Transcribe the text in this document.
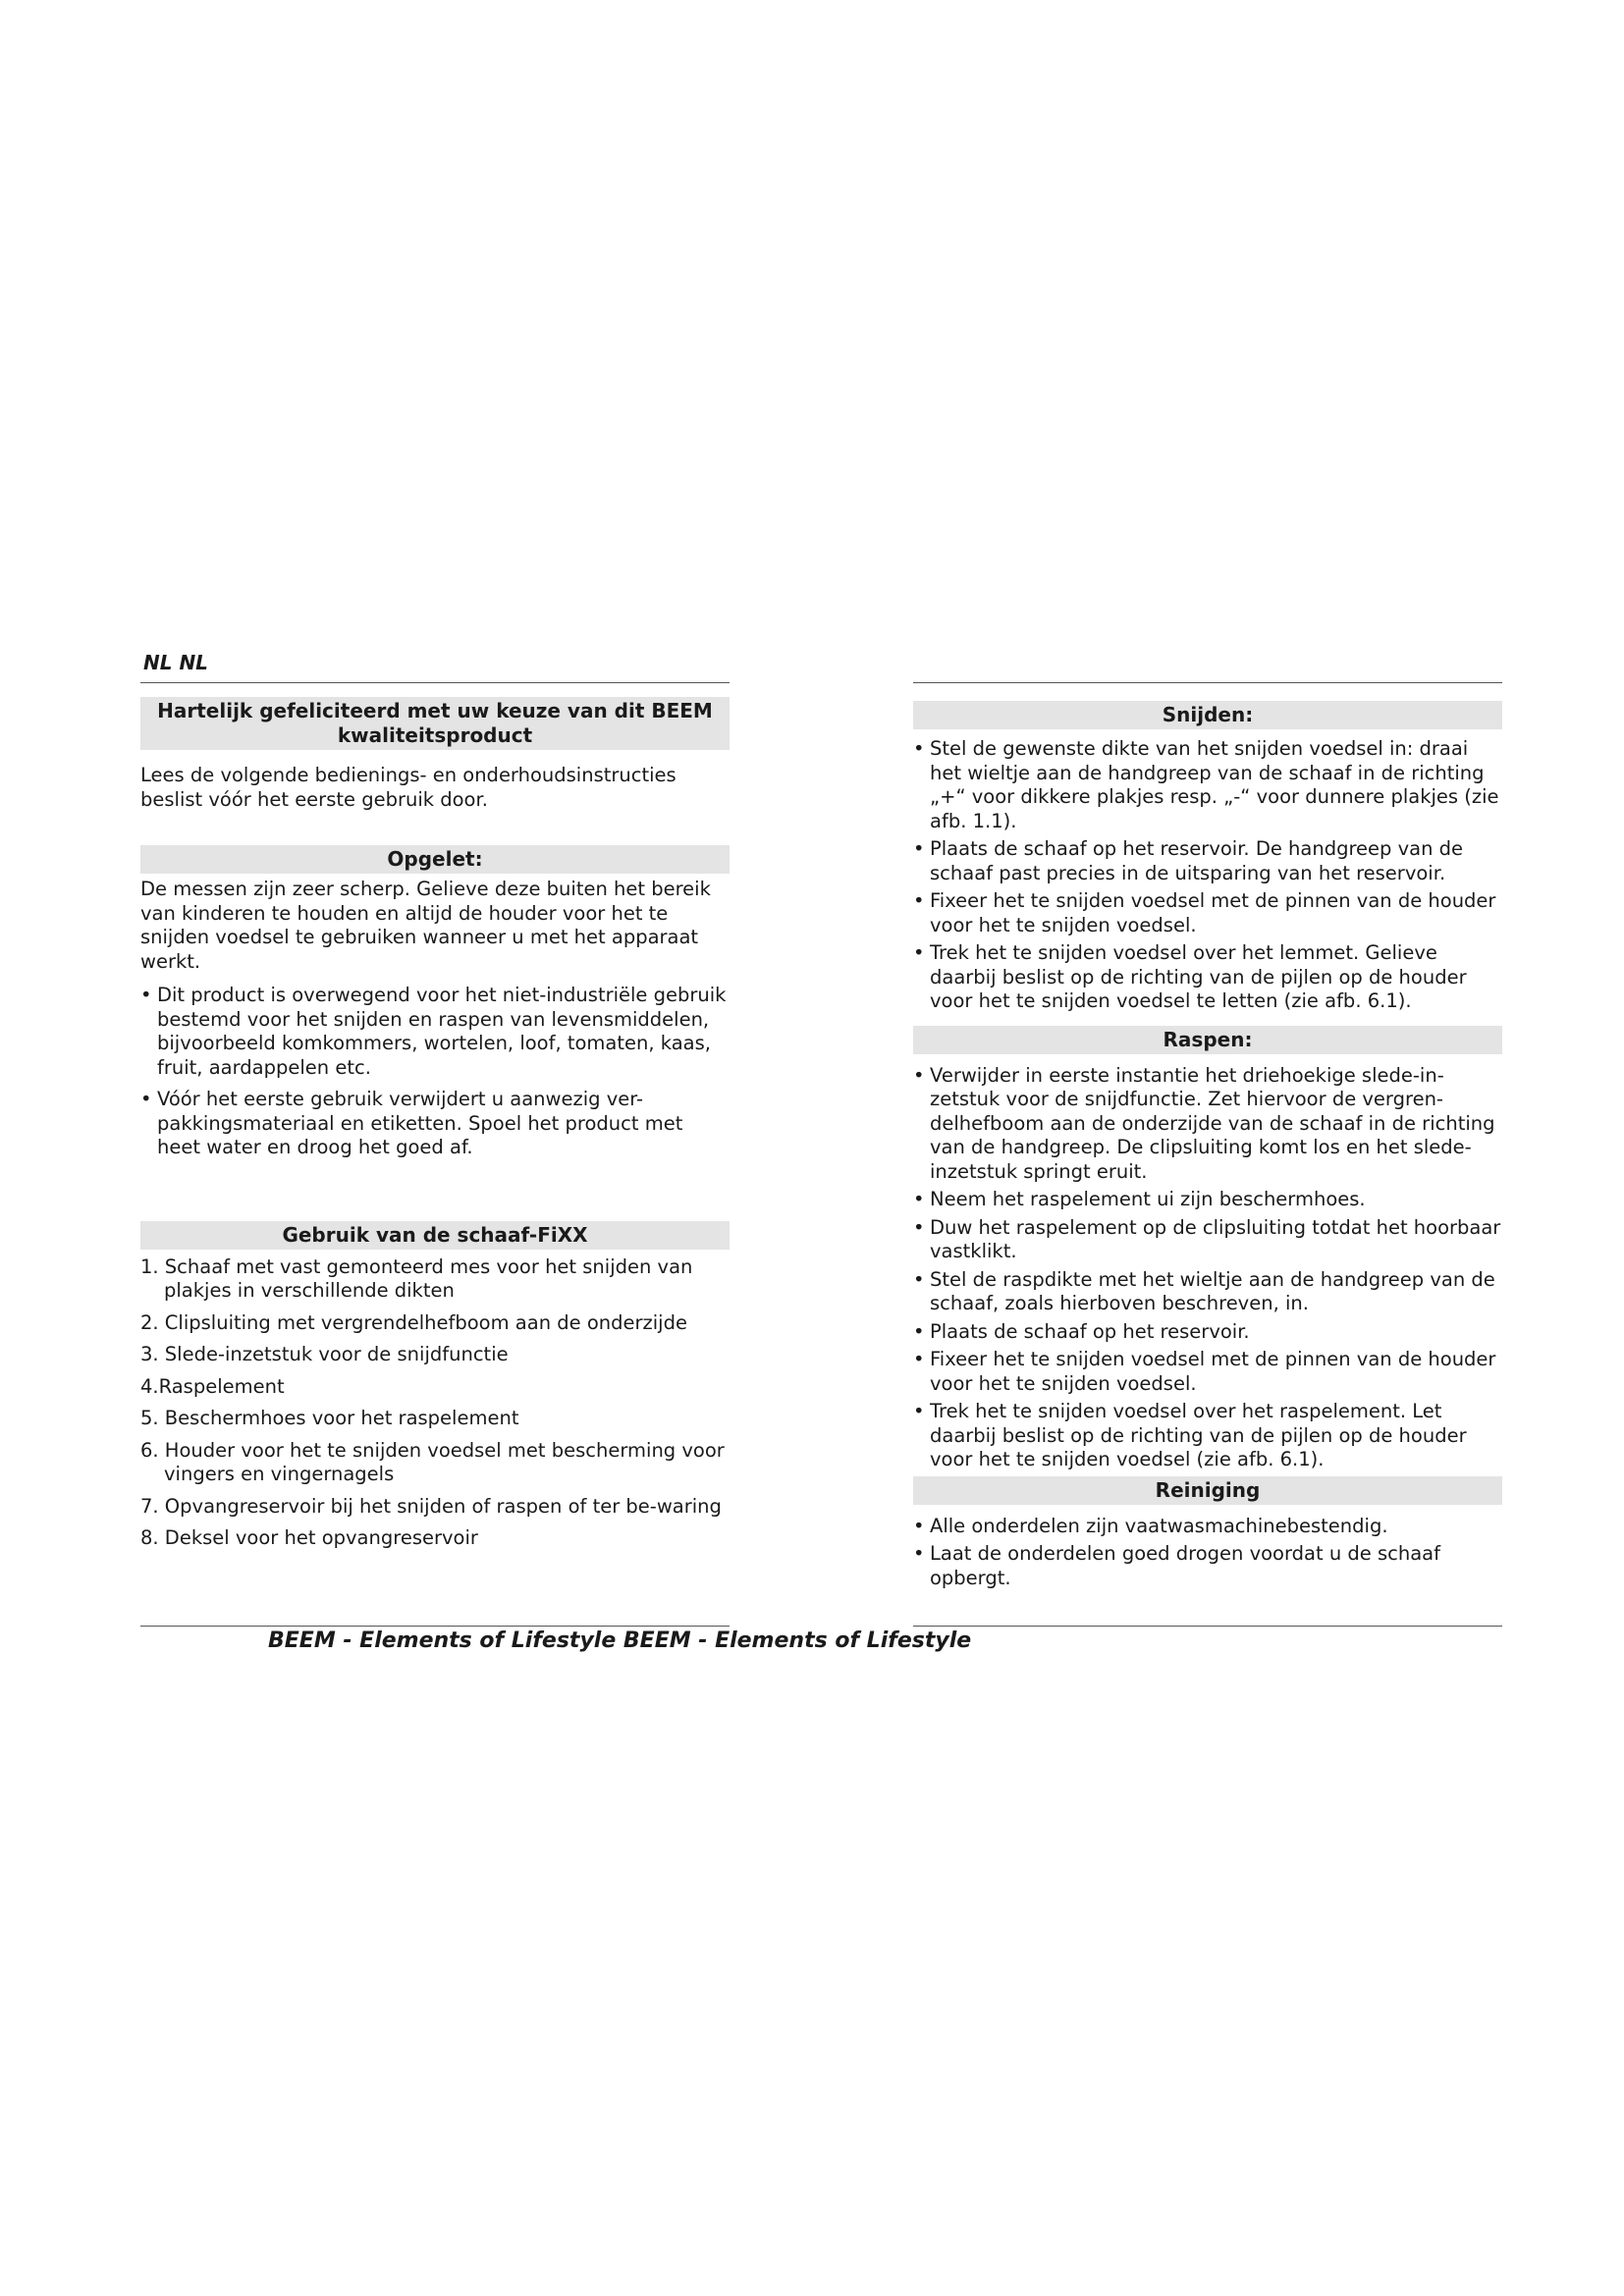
NL NL
Hartelijk gefeliciteerd met uw keuze van dit BEEM kwaliteitsproduct

Lees de volgende bedienings- en onderhoudsinstructies beslist vóór het eerste gebruik door.

Opgelet:

De messen zijn zeer scherp. Gelieve deze buiten het bereik van kinderen te houden en altijd de houder voor het te snijden voedsel te gebruiken wanneer u met het apparaat werkt.

• Dit product is overwegend voor het niet-industriële gebruik bestemd voor het snijden en raspen van levensmiddelen, bijvoorbeeld komkommers, wortelen, loof, tomaten, kaas, fruit, aardappelen etc.
• Vóór het eerste gebruik verwijdert u aanwezig ver-pakkingsmateriaal en etiketten. Spoel het product met heet water en droog het goed af.
Gebruik van de schaaf-FiXX
1. Schaaf met vast gemonteerd mes voor het snijden van plakjes in verschillende dikten
2. Clipsluiting met vergrendelhefboom aan de onderzijde
3. Slede-inzetstuk voor de snijdfunctie
4.Raspelement
5. Beschermhoes voor het raspelement
6. Houder voor het te snijden voedsel met bescherming voor vingers en vingernagels
7. Opvangreservoir bij het snijden of raspen of ter be-waring
8. Deksel voor het opvangreservoir
Snijden:
• Stel de gewenste dikte van het snijden voedsel in: draai het wieltje aan de handgreep van de schaaf in de richting „+“ voor dikkere plakjes resp. „-“ voor dunnere plakjes (zie afb. 1.1).
• Plaats de schaaf op het reservoir. De handgreep van de schaaf past precies in de uitsparing van het reservoir.
• Fixeer het te snijden voedsel met de pinnen van de houder voor het te snijden voedsel.
• Trek het te snijden voedsel over het lemmet. Gelieve daarbij beslist op de richting van de pijlen op de houder voor het te snijden voedsel te letten (zie afb. 6.1).
Raspen:
• Verwijder in eerste instantie het driehoekige slede-in-zetstuk voor de snijdfunctie. Zet hiervoor de vergren-delhefboom aan de onderzijde van de schaaf in de richting van de handgreep. De clipsluiting komt los en het slede-inzetstuk springt eruit.
• Neem het raspelement ui zijn beschermhoes.
• Duw het raspelement op de clipsluiting totdat het hoorbaar vastklikt.
• Stel de raspdikte met het wieltje aan de handgreep van de schaaf, zoals hierboven beschreven, in.
• Plaats de schaaf op het reservoir.
• Fixeer het te snijden voedsel met de pinnen van de houder voor het te snijden voedsel.
• Trek het te snijden voedsel over het raspelement. Let daarbij beslist op de richting van de pijlen op de houder voor het te snijden voedsel (zie afb. 6.1).
Reiniging
• Alle onderdelen zijn vaatwasmachinebestendig.
• Laat de onderdelen goed drogen voordat u de schaaf opbergt.
BEEM - Elements of Lifestyle BEEM - Elements of Lifestyle
